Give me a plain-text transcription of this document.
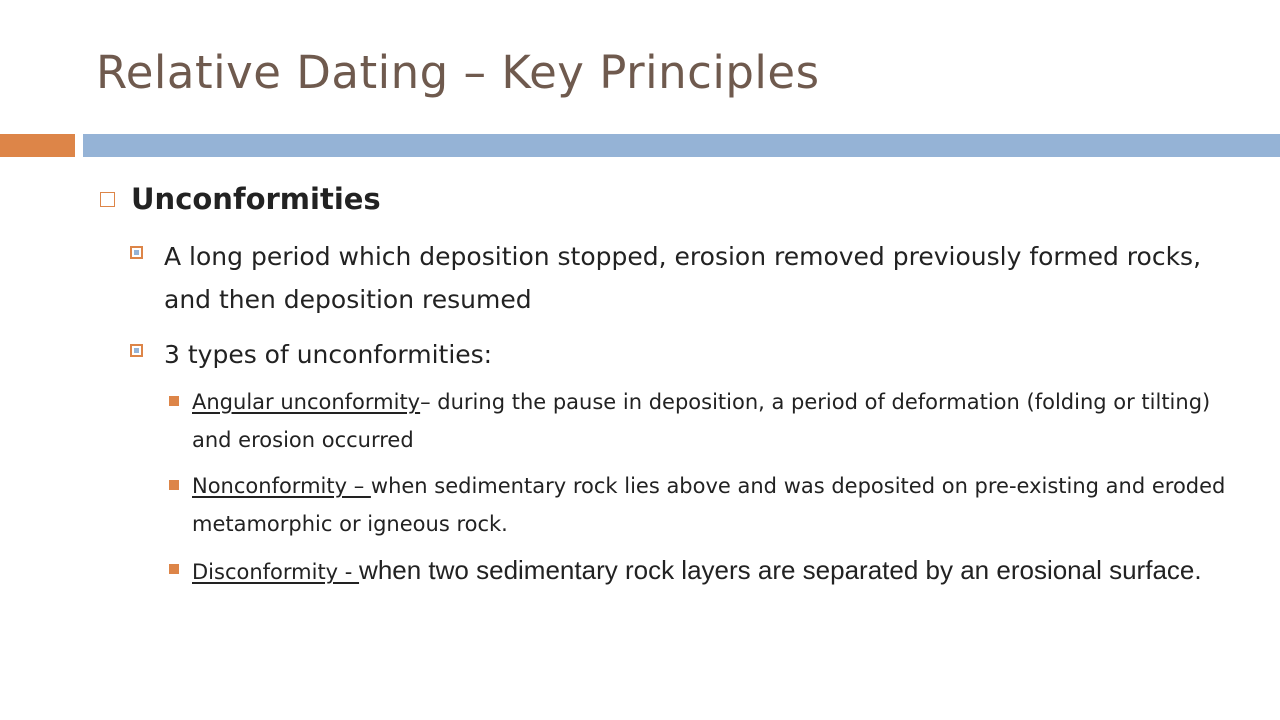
Relative Dating – Key Principles
Unconformities
A long period which deposition stopped, erosion removed previously formed rocks, and then deposition resumed
3 types of unconformities:
Angular unconformity– during the pause in deposition, a period of deformation (folding or tilting) and erosion occurred
Nonconformity – when sedimentary rock lies above and was deposited on pre-existing and eroded metamorphic or igneous rock.
Disconformity - when two sedimentary rock layers are separated by an erosional surface.
